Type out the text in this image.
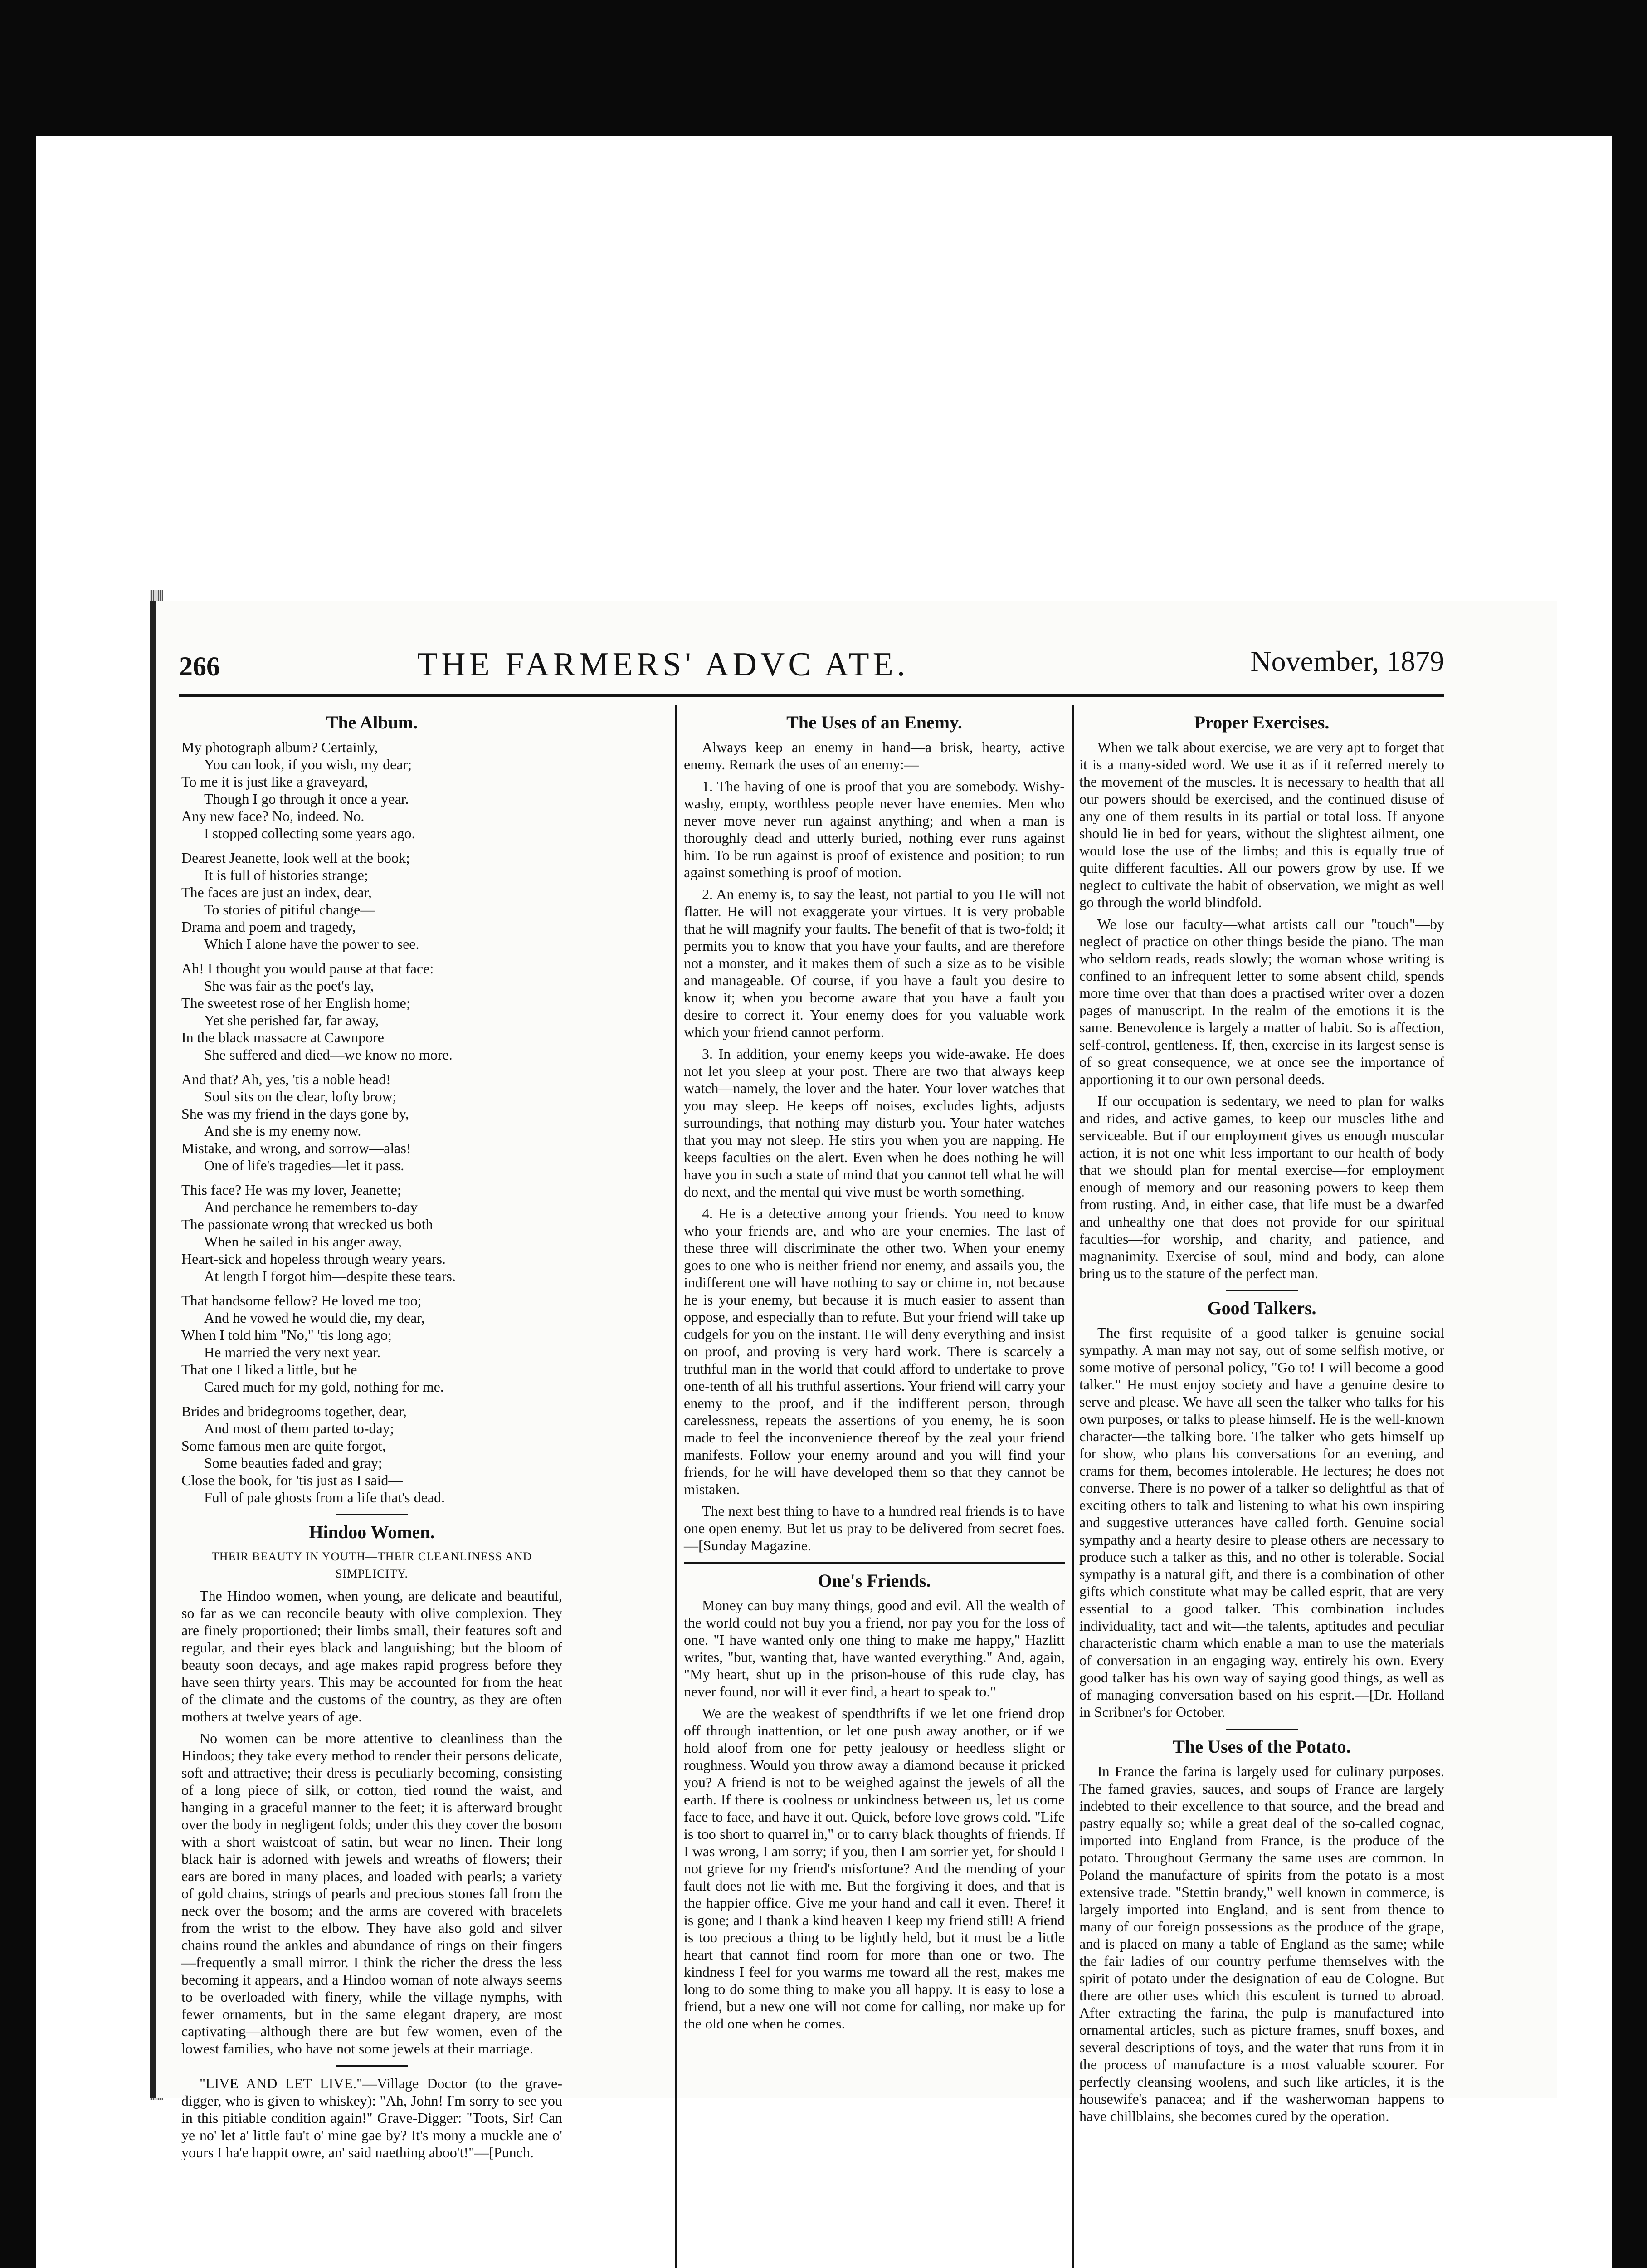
266	THE FARMERS' ADVC ATE.	November, 1879
The Album.
My photograph album? Certainly,
You can look, if you wish, my dear;
To me it is just like a graveyard,
Though I go through it once a year.
Any new face? No, indeed. No.
I stopped collecting some years ago.
Dearest Jeanette, look well at the book;
It is full of histories strange;
The faces are just an index, dear,
To stories of pitiful change—
Drama and poem and tragedy,
Which I alone have the power to see.
Ah! I thought you would pause at that face:
She was fair as the poet's lay,
The sweetest rose of her English home;
Yet she perished far, far away,
In the black massacre at Cawnpore
She suffered and died—we know no more.
And that? Ah, yes, 'tis a noble head!
Soul sits on the clear, lofty brow;
She was my friend in the days gone by,
And she is my enemy now.
Mistake, and wrong, and sorrow—alas!
One of life's tragedies—let it pass.
This face? He was my lover, Jeanette;
And perchance he remembers to-day
The passionate wrong that wrecked us both
When he sailed in his anger away,
Heart-sick and hopeless through weary years.
At length I forgot him—despite these tears.
That handsome fellow? He loved me too;
And he vowed he would die, my dear,
When I told him "No," 'tis long ago;
He married the very next year.
That one I liked a little, but he
Cared much for my gold, nothing for me.
Brides and bridegrooms together, dear,
And most of them parted to-day;
Some famous men are quite forgot,
Some beauties faded and gray;
Close the book, for 'tis just as I said—
Full of pale ghosts from a life that's dead.
Hindoo Women.
THEIR BEAUTY IN YOUTH—THEIR CLEANLINESS AND SIMPLICITY.

The Hindoo women, when young, are delicate and beautiful, so far as we can reconcile beauty with olive complexion. They are finely proportioned; their limbs small, their features soft and regular, and their eyes black and languishing; but the bloom of beauty soon decays, and age makes rapid progress before they have seen thirty years. This may be accounted for from the heat of the climate and the customs of the country, as they are often mothers at twelve years of age.

No women can be more attentive to cleanliness than the Hindoos; they take every method to render their persons delicate, soft and attractive; their dress is peculiarly becoming, consisting of a long piece of silk, or cotton, tied round the waist, and hanging in a graceful manner to the feet; it is afterward brought over the body in negligent folds; under this they cover the bosom with a short waistcoat of satin, but wear no linen. Their long black hair is adorned with jewels and wreaths of flowers; their ears are bored in many places, and loaded with pearls; a variety of gold chains, strings of pearls and precious stones fall from the neck over the bosom; and the arms are covered with bracelets from the wrist to the elbow. They have also gold and silver chains round the ankles and abundance of rings on their fingers—frequently a small mirror. I think the richer the dress the less becoming it appears, and a Hindoo woman of note always seems to be overloaded with finery, while the village nymphs, with fewer ornaments, but in the same elegant drapery, are most captivating—although there are but few women, even of the lowest families, who have not some jewels at their marriage.

"LIVE AND LET LIVE."—Village Doctor (to the grave-digger, who is given to whiskey): "Ah, John! I'm sorry to see you in this pitiable condition again!" Grave-Digger: "Toots, Sir! Can ye no' let a' little fau't o' mine gae by? It's mony a muckle ane o' yours I ha'e happit owre, an' said naething aboo't!"—[Punch.

The Uses of an Enemy.

Always keep an enemy in hand—a brisk, hearty, active enemy. Remark the uses of an enemy:—

1. The having of one is proof that you are somebody. Wishy-washy, empty, worthless people never have enemies. Men who never move never run against anything; and when a man is thoroughly dead and utterly buried, nothing ever runs against him. To be run against is proof of existence and position; to run against something is proof of motion.

2. An enemy is, to say the least, not partial to you He will not flatter. He will not exaggerate your virtues. It is very probable that he will magnify your faults. The benefit of that is two-fold; it permits you to know that you have your faults, and are therefore not a monster, and it makes them of such a size as to be visible and manageable. Of course, if you have a fault you desire to know it; when you become aware that you have a fault you desire to correct it. Your enemy does for you valuable work which your friend cannot perform.

3. In addition, your enemy keeps you wide-awake. He does not let you sleep at your post. There are two that always keep watch—namely, the lover and the hater. Your lover watches that you may sleep. He keeps off noises, excludes lights, adjusts surroundings, that nothing may disturb you. Your hater watches that you may not sleep. He stirs you when you are napping. He keeps faculties on the alert. Even when he does nothing he will have you in such a state of mind that you cannot tell what he will do next, and the mental qui vive must be worth something.

4. He is a detective among your friends. You need to know who your friends are, and who are your enemies. The last of these three will discriminate the other two. When your enemy goes to one who is neither friend nor enemy, and assails you, the indifferent one will have nothing to say or chime in, not because he is your enemy, but because it is much easier to assent than oppose, and especially than to refute. But your friend will take up cudgels for you on the instant. He will deny everything and insist on proof, and proving is very hard work. There is scarcely a truthful man in the world that could afford to undertake to prove one-tenth of all his truthful assertions. Your friend will carry your enemy to the proof, and if the indifferent person, through carelessness, repeats the assertions of you enemy, he is soon made to feel the inconvenience thereof by the zeal your friend manifests. Follow your enemy around and you will find your friends, for he will have developed them so that they cannot be mistaken.

The next best thing to have to a hundred real friends is to have one open enemy. But let us pray to be delivered from secret foes.—[Sunday Magazine.

One's Friends.

Money can buy many things, good and evil. All the wealth of the world could not buy you a friend, nor pay you for the loss of one. "I have wanted only one thing to make me happy," Hazlitt writes, "but, wanting that, have wanted everything." And, again, "My heart, shut up in the prison-house of this rude clay, has never found, nor will it ever find, a heart to speak to."

We are the weakest of spendthrifts if we let one friend drop off through inattention, or let one push away another, or if we hold aloof from one for petty jealousy or heedless slight or roughness. Would you throw away a diamond because it pricked you? A friend is not to be weighed against the jewels of all the earth. If there is coolness or unkindness between us, let us come face to face, and have it out. Quick, before love grows cold. "Life is too short to quarrel in," or to carry black thoughts of friends. If I was wrong, I am sorry; if you, then I am sorrier yet, for should I not grieve for my friend's misfortune? And the mending of your fault does not lie with me. But the forgiving it does, and that is the happier office. Give me your hand and call it even. There! it is gone; and I thank a kind heaven I keep my friend still! A friend is too precious a thing to be lightly held, but it must be a little heart that cannot find room for more than one or two. The kindness I feel for you warms me toward all the rest, makes me long to do some thing to make you all happy. It is easy to lose a friend, but a new one will not come for calling, nor make up for the old one when he comes.

Proper Exercises.

When we talk about exercise, we are very apt to forget that it is a many-sided word. We use it as if it referred merely to the movement of the muscles. It is necessary to health that all our powers should be exercised, and the continued disuse of any one of them results in its partial or total loss. If anyone should lie in bed for years, without the slightest ailment, one would lose the use of the limbs; and this is equally true of quite different faculties. All our powers grow by use. If we neglect to cultivate the habit of observation, we might as well go through the world blindfold.

We lose our faculty—what artists call our "touch"—by neglect of practice on other things beside the piano. The man who seldom reads, reads slowly; the woman whose writing is confined to an infrequent letter to some absent child, spends more time over that than does a practised writer over a dozen pages of manuscript. In the realm of the emotions it is the same. Benevolence is largely a matter of habit. So is affection, self-control, gentleness. If, then, exercise in its largest sense is of so great consequence, we at once see the importance of apportioning it to our own personal deeds.

If our occupation is sedentary, we need to plan for walks and rides, and active games, to keep our muscles lithe and serviceable. But if our employment gives us enough muscular action, it is not one whit less important to our health of body that we should plan for mental exercise—for employment enough of memory and our reasoning powers to keep them from rusting. And, in either case, that life must be a dwarfed and unhealthy one that does not provide for our spiritual faculties—for worship, and charity, and patience, and magnanimity. Exercise of soul, mind and body, can alone bring us to the stature of the perfect man.

Good Talkers.

The first requisite of a good talker is genuine social sympathy. A man may not say, out of some selfish motive, or some motive of personal policy, "Go to! I will become a good talker." He must enjoy society and have a genuine desire to serve and please. We have all seen the talker who talks for his own purposes, or talks to please himself. He is the well-known character—the talking bore. The talker who gets himself up for show, who plans his conversations for an evening, and crams for them, becomes intolerable. He lectures; he does not converse. There is no power of a talker so delightful as that of exciting others to talk and listening to what his own inspiring and suggestive utterances have called forth. Genuine social sympathy and a hearty desire to please others are necessary to produce such a talker as this, and no other is tolerable. Social sympathy is a natural gift, and there is a combination of other gifts which constitute what may be called esprit, that are very essential to a good talker. This combination includes individuality, tact and wit—the talents, aptitudes and peculiar characteristic charm which enable a man to use the materials of conversation in an engaging way, entirely his own. Every good talker has his own way of saying good things, as well as of managing conversation based on his esprit.—[Dr. Holland in Scribner's for October.

The Uses of the Potato.

In France the farina is largely used for culinary purposes. The famed gravies, sauces, and soups of France are largely indebted to their excellence to that source, and the bread and pastry equally so; while a great deal of the so-called cognac, imported into England from France, is the produce of the potato. Throughout Germany the same uses are common. In Poland the manufacture of spirits from the potato is a most extensive trade. "Stettin brandy," well known in commerce, is largely imported into England, and is sent from thence to many of our foreign possessions as the produce of the grape, and is placed on many a table of England as the same; while the fair ladies of our country perfume themselves with the spirit of potato under the designation of eau de Cologne. But there are other uses which this esculent is turned to abroad. After extracting the farina, the pulp is manufactured into ornamental articles, such as picture frames, snuff boxes, and several descriptions of toys, and the water that runs from it in the process of manufacture is a most valuable scourer. For perfectly cleansing woolens, and such like articles, it is the housewife's panacea; and if the washerwoman happens to have chillblains, she becomes cured by the operation.
